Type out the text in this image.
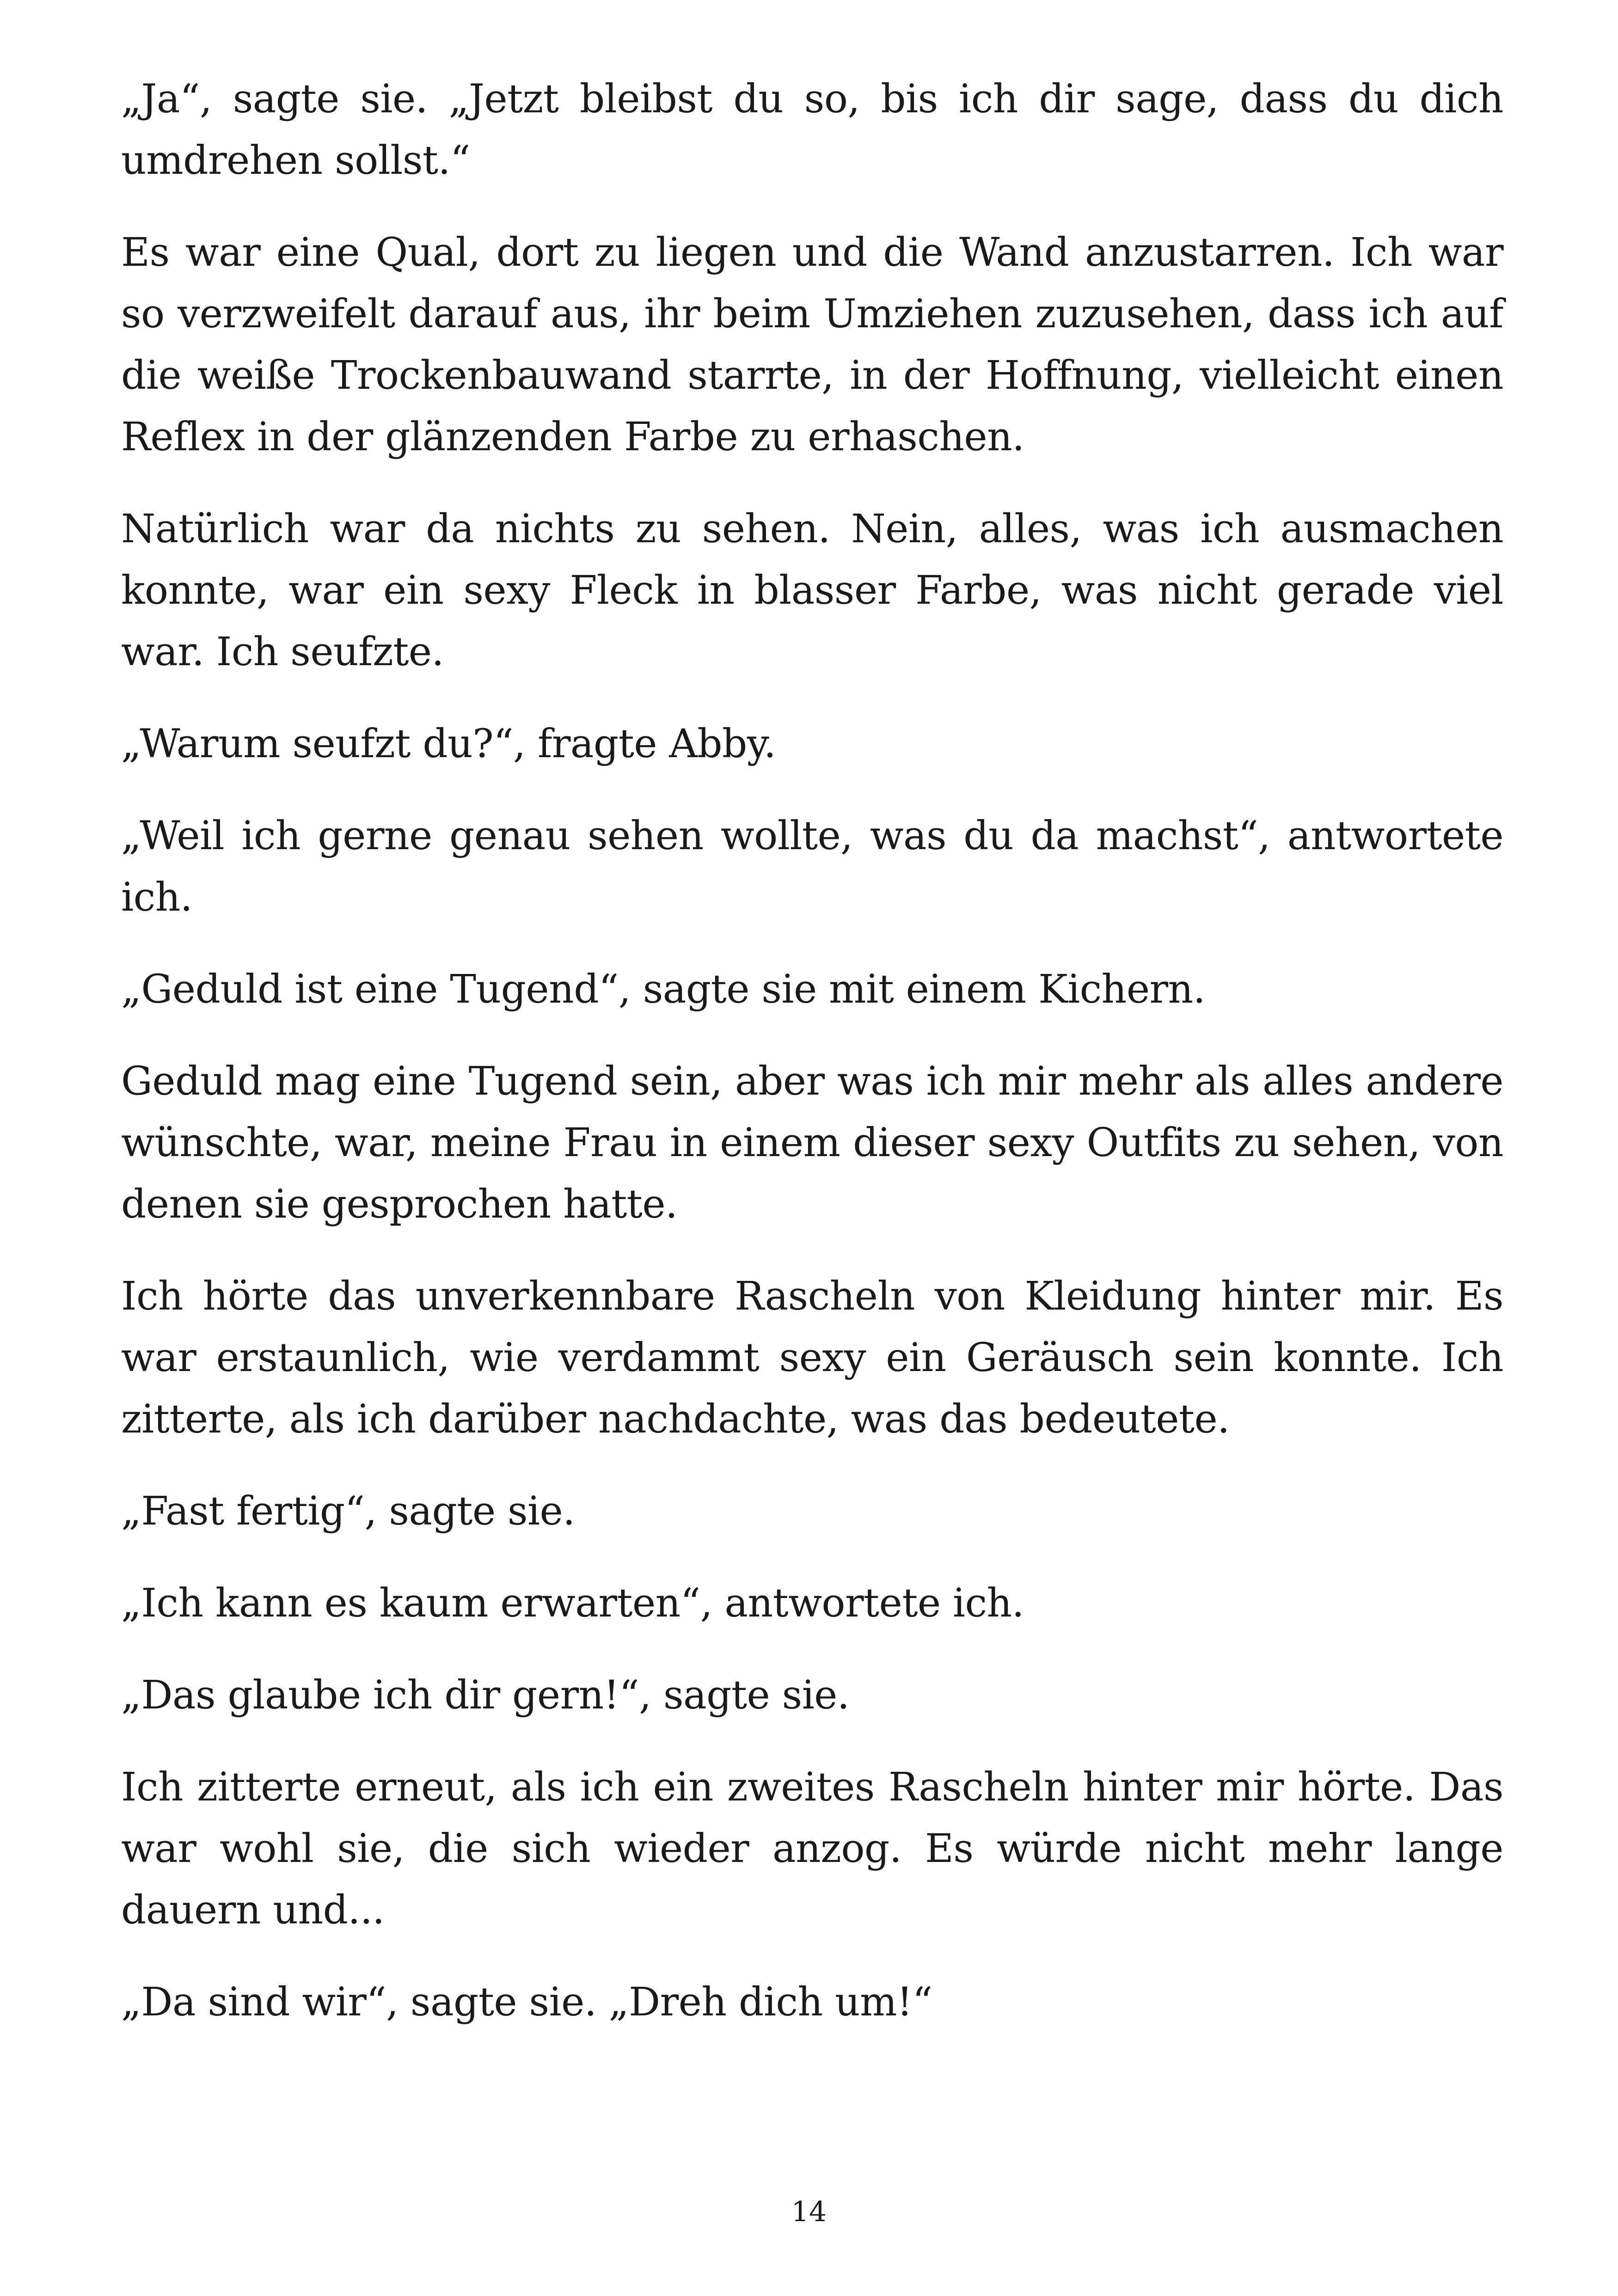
„Ja“, sagte sie. „Jetzt bleibst du so, bis ich dir sage, dass du dich umdrehen sollst.“

Es war eine Qual, dort zu liegen und die Wand anzustarren. Ich war so verzweifelt darauf aus, ihr beim Umziehen zuzusehen, dass ich auf die weiße Trockenbauwand starrte, in der Hoffnung, vielleicht einen Reflex in der glänzenden Farbe zu erhaschen.

Natürlich war da nichts zu sehen. Nein, alles, was ich ausmachen konnte, war ein sexy Fleck in blasser Farbe, was nicht gerade viel war. Ich seufzte.

„Warum seufzt du?“, fragte Abby.

„Weil ich gerne genau sehen wollte, was du da machst“, antwortete ich.

„Geduld ist eine Tugend“, sagte sie mit einem Kichern.

Geduld mag eine Tugend sein, aber was ich mir mehr als alles andere wünschte, war, meine Frau in einem dieser sexy Outfits zu sehen, von denen sie gesprochen hatte.

Ich hörte das unverkennbare Rascheln von Kleidung hinter mir. Es war erstaunlich, wie verdammt sexy ein Geräusch sein konnte. Ich zitterte, als ich darüber nachdachte, was das bedeutete.

„Fast fertig“, sagte sie.

„Ich kann es kaum erwarten“, antwortete ich.

„Das glaube ich dir gern!“, sagte sie.

Ich zitterte erneut, als ich ein zweites Rascheln hinter mir hörte. Das war wohl sie, die sich wieder anzog. Es würde nicht mehr lange dauern und...

„Da sind wir“, sagte sie. „Dreh dich um!“

14
